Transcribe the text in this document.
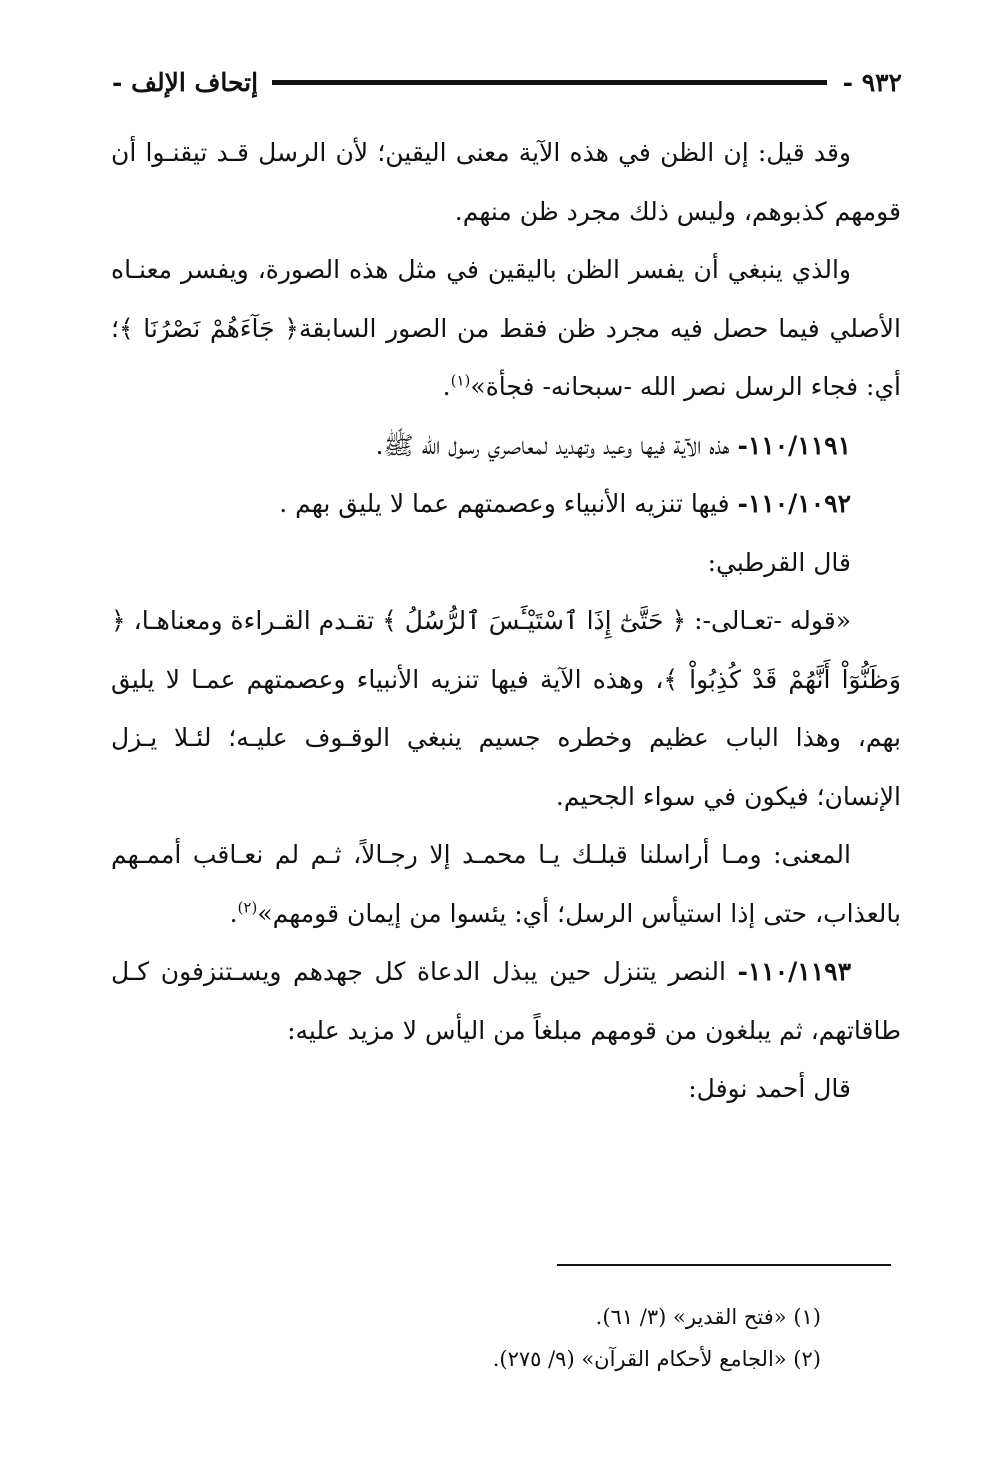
- ٩٣٢
- إتحاف الإلف

وقد قيل: إن الظن في هذه الآية معنى اليقين؛ لأن الرسل قـد تيقنـوا أن قومهم كذبوهم، وليس ذلك مجرد ظن منهم.

والذي ينبغي أن يفسر الظن باليقين في مثل هذه الصورة، ويفسر معنـاه الأصلي فيما حصل فيه مجرد ظن فقط من الصور السابقة﴿ جَآءَهُمْ نَصْرُنَا ﴾؛ أي: فجاء الرسل نصر الله -سبحانه- فجأة»$^{(١)}$.

١١٠/١١٩١- هذه الآية فيها وعيد وتهديد لمعاصري رسول الله ﷺ.

١١٠/١٠٩٢- فيها تنزيه الأنبياء وعصمتهم عما لا يليق بهم .

قال القرطبي:

«قوله -تعـالى-: ﴿ حَتَّىٰٓ إِذَا ٱسْتَيْـَٔسَ ٱلرُّسُلُ ﴾ تقـدم القـراءة ومعناهـا، ﴿ وَظَنُّوٓاْ أَنَّهُمْ قَدْ كُذِبُواْ ﴾، وهذه الآية فيها تنزيه الأنبياء وعصمتهم عمـا لا يليق بهم، وهذا الباب عظيم وخطره جسيم ينبغي الوقـوف عليـه؛ لئـلا يـزل الإنسان؛ فيكون في سواء الجحيم.

المعنى: ومـا أراسلنا قبلـك يـا محمـد إلا رجـالاً، ثـم لم نعـاقب أممـهم بالعذاب، حتى إذا استيأس الرسل؛ أي: يئسوا من إيمان قومهم»$^{(٢)}$.

١١٠/١١٩٣- النصر يتنزل حين يبذل الدعاة كل جهدهم ويسـتنزفون كـل طاقاتهم، ثم يبلغون من قومهم مبلغاً من اليأس لا مزيد عليه:

قال أحمد نوفل:

(١) «فتح القدير» (٣/ ٦١).

(٢) «الجامع لأحكام القرآن» (٩/ ٢٧٥).
